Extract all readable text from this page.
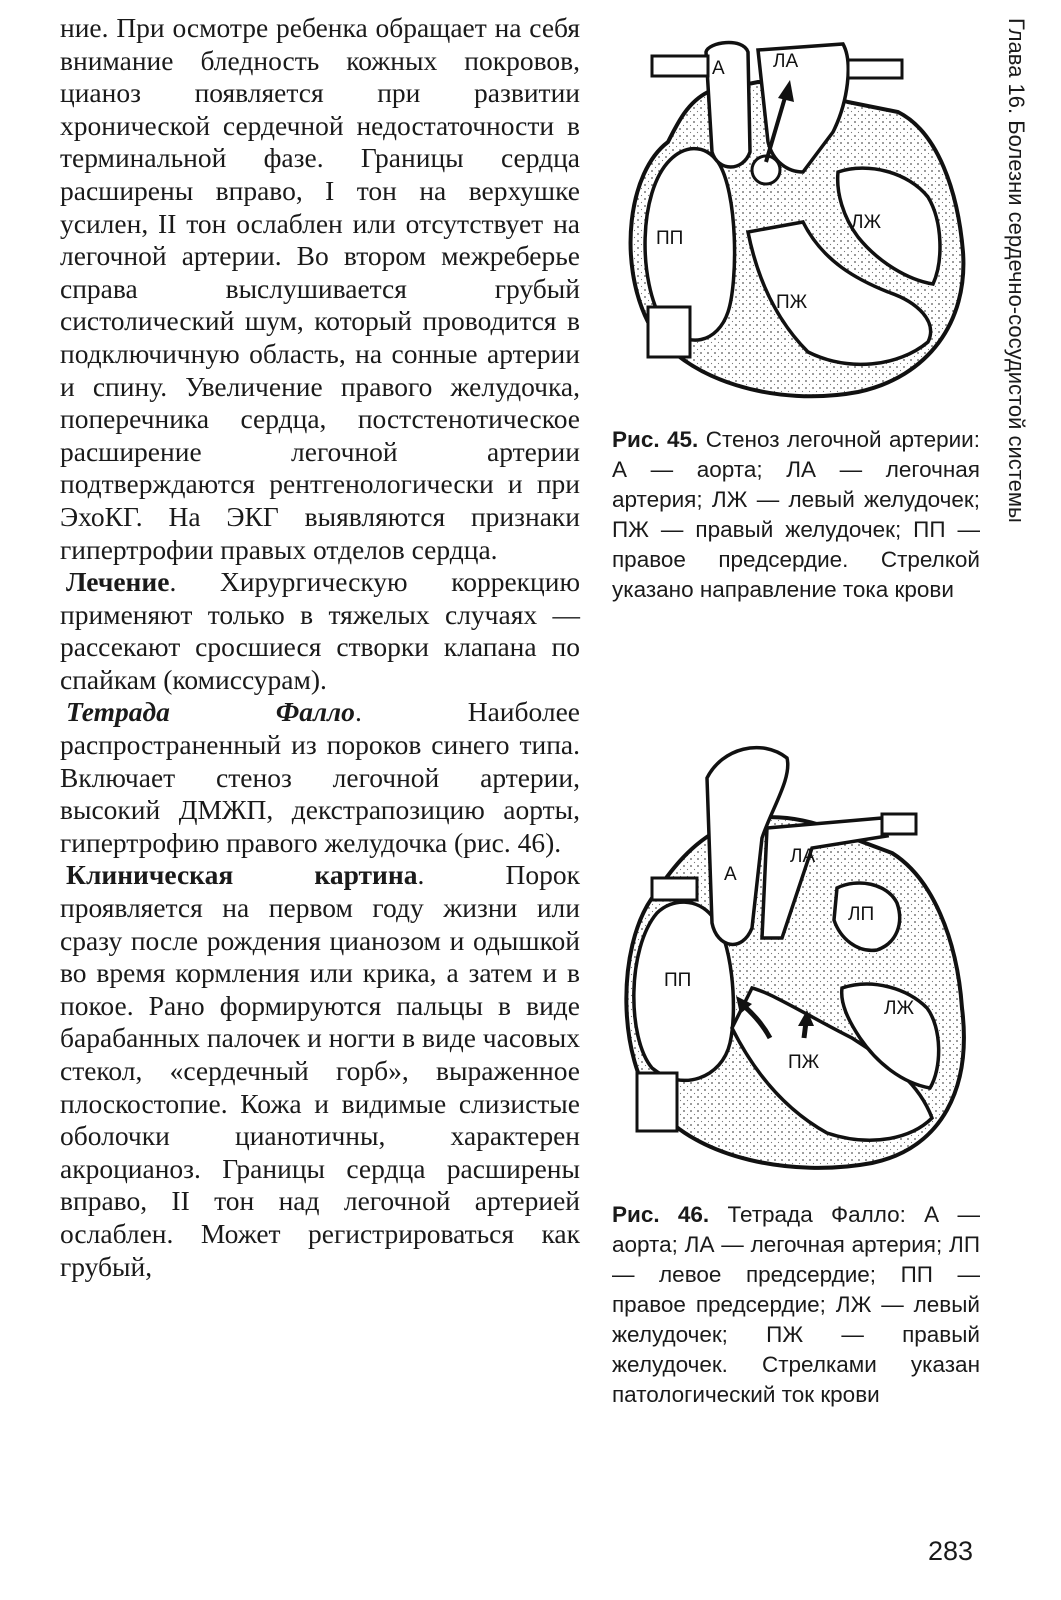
ние. При осмотре ребенка обращает на себя внимание бледность кожных покровов, цианоз появляется при развитии хронической сердечной недостаточности в терминальной фазе. Границы сердца расширены вправо, I тон на верхушке усилен, II тон ослаблен или отсутствует на легочной артерии. Во втором межреберье справа выслушивается грубый систолический шум, который проводится в подключичную область, на сонные артерии и спину. Увеличение правого желудочка, поперечника сердца, постстенотическое расширение легочной артерии подтверждаются рентгенологически и при ЭхоКГ. На ЭКГ выявляются признаки гипертрофии правых отделов сердца.

Лечение. Хирургическую коррекцию применяют только в тяжелых случаях — рассекают сросшиеся створки клапана по спайкам (комиссурам).

Тетрада Фалло. Наиболее распространенный из пороков синего типа. Включает стеноз легочной артерии, высокий ДМЖП, декстрапозицию аорты, гипертрофию правого желудочка (рис. 46).

Клиническая картина. Порок проявляется на первом году жизни или сразу после рождения цианозом и одышкой во время кормления или крика, а затем и в покое. Рано формируются пальцы в виде барабанных палочек и ногти в виде часовых стекол, «сердечный горб», выраженное плоскостопие. Кожа и видимые слизистые оболочки цианотичны, характерен акроцианоз. Границы сердца расширены вправо, II тон над легочной артерией ослаблен. Может регистрироваться как грубый,

А	ЛА
ПП
ЛЖ
ПЖ
Рис. 45. Стеноз легочной артерии: А — аорта; ЛА — легочная артерия; ЛЖ — левый желудочек; ПЖ — правый желудочек; ПП — правое предсердие. Стрелкой указано направление тока крови
А
ЛА
ЛП
ПП
ЛЖ
ПЖ
Рис. 46. Тетрада Фалло: А — аорта; ЛА — легочная артерия; ЛП — левое предсердие; ПП — правое предсердие; ЛЖ — левый желудочек; ПЖ — правый желудочек. Стрелками указан патологический ток крови
Глава 16. Болезни сердечно-сосудистой системы
283
